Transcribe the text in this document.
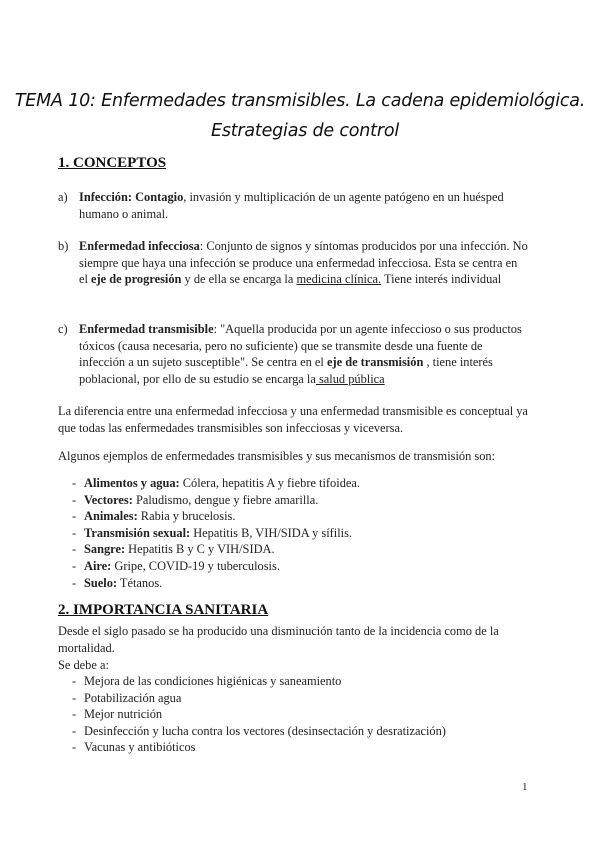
TEMA 10: Enfermedades transmisibles. La cadena epidemiológica.
Estrategias de control
1. CONCEPTOS
a) Infección: Contagio, invasión y multiplicación de un agente patógeno en un huésped humano o animal.
b) Enfermedad infecciosa: Conjunto de signos y síntomas producidos por una infección. No siempre que haya una infección se produce una enfermedad infecciosa. Esta se centra en el eje de progresión y de ella se encarga la medicina clínica. Tiene interés individual
c) Enfermedad transmisible: "Aquella producida por un agente infeccioso o sus productos tóxicos (causa necesaria, pero no suficiente) que se transmite desde una fuente de infección a un sujeto susceptible". Se centra en el eje de transmisión , tiene interés poblacional, por ello de su estudio se encarga la salud pública
La diferencia entre una enfermedad infecciosa y una enfermedad transmisible es conceptual ya que todas las enfermedades transmisibles son infecciosas y viceversa.
Algunos ejemplos de enfermedades transmisibles y sus mecanismos de transmisión son:
- Alimentos y agua: Cólera, hepatitis A y fiebre tifoidea.
- Vectores: Paludismo, dengue y fiebre amarilla.
- Animales: Rabia y brucelosis.
- Transmisión sexual: Hepatitis B, VIH/SIDA y sífilis.
- Sangre: Hepatitis B y C y VIH/SIDA.
- Aire: Gripe, COVID-19 y tuberculosis.
- Suelo: Tétanos.
2. IMPORTANCIA SANITARIA
Desde el siglo pasado se ha producido una disminución tanto de la incidencia como de la mortalidad.
Se debe a:
- Mejora de las condiciones higiénicas y saneamiento
- Potabilización agua
- Mejor nutrición
- Desinfección y lucha contra los vectores (desinsectación y desratización)
- Vacunas y antibióticos
1
